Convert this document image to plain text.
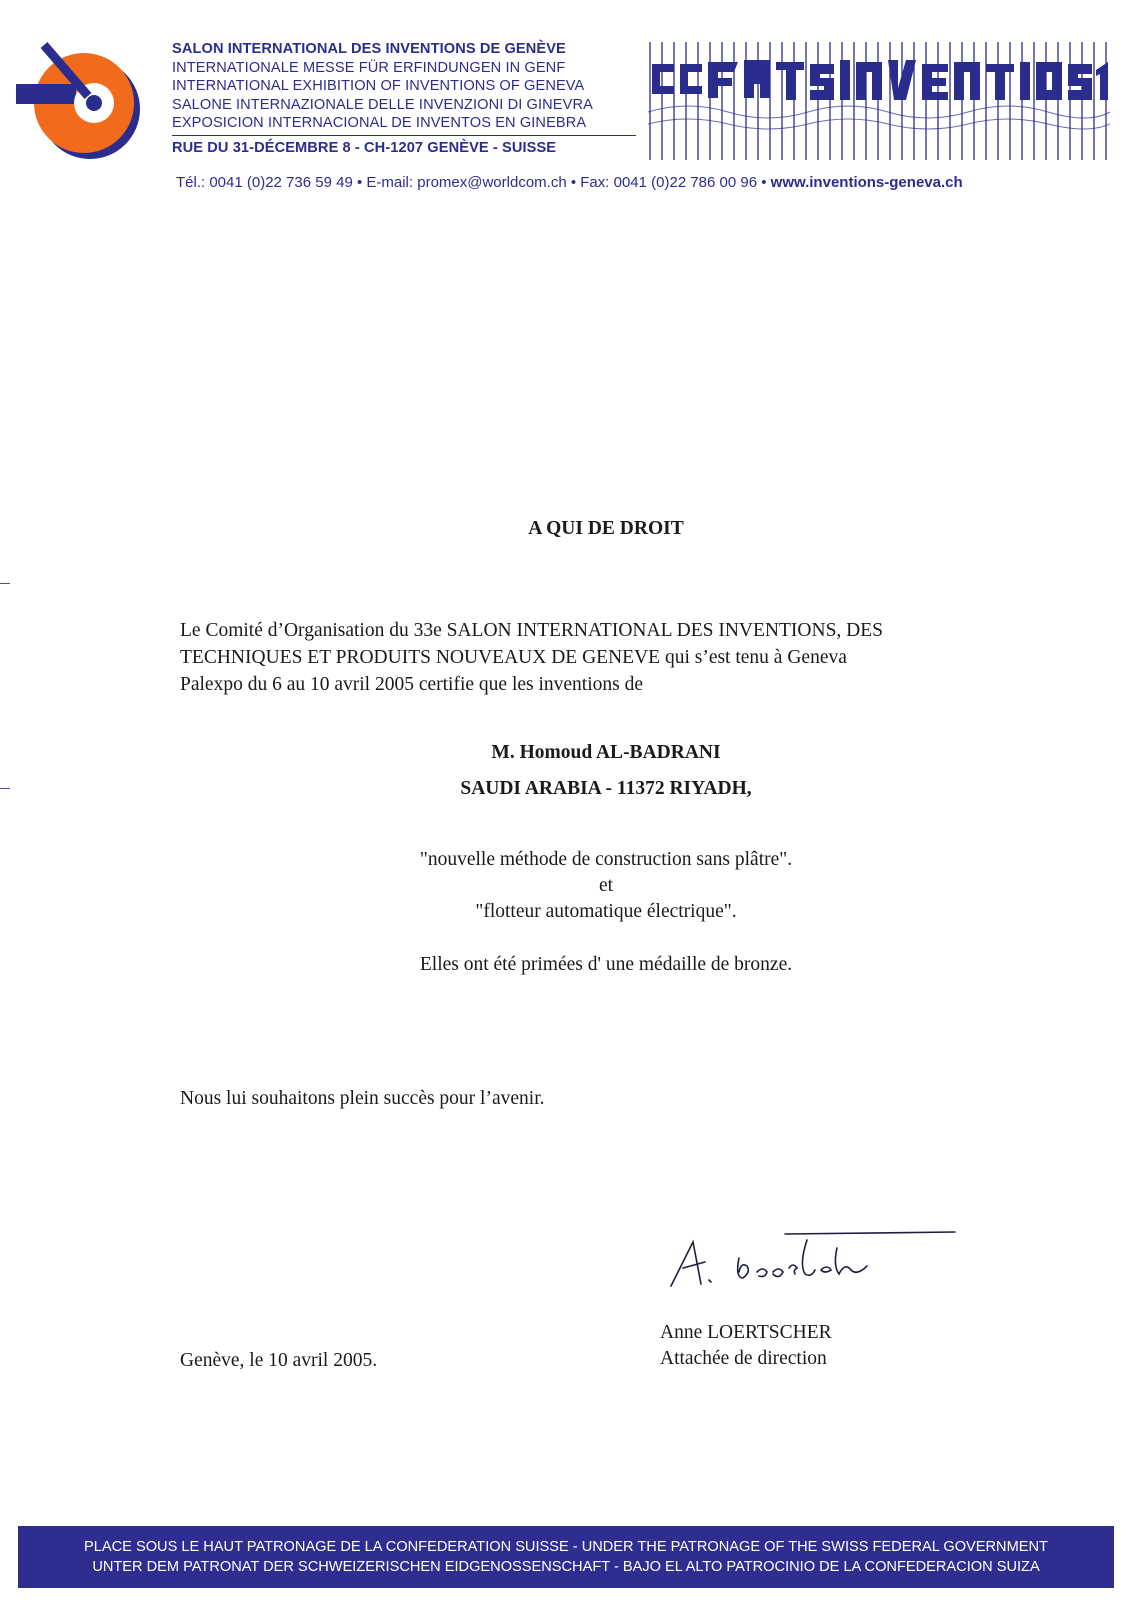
SALON INTERNATIONAL DES INVENTIONS DE GENÈVE
INTERNATIONALE MESSE FÜR ERFINDUNGEN IN GENF
INTERNATIONAL EXHIBITION OF INVENTIONS OF GENEVA
SALONE INTERNAZIONALE DELLE INVENZIONI DI GINEVRA
EXPOSICION INTERNACIONAL DE INVENTOS EN GINEBRA
RUE DU 31-DÉCEMBRE 8 - CH-1207 GENÈVE - SUISSE
Tél.: 0041 (0)22 736 59 49 • E-mail: promex@worldcom.ch • Fax: 0041 (0)22 786 00 96 • www.inventions-geneva.ch
A QUI DE DROIT
Le Comité d’Organisation du 33e SALON INTERNATIONAL DES INVENTIONS, DES
TECHNIQUES ET PRODUITS NOUVEAUX DE GENEVE qui s’est tenu à Geneva
Palexpo du 6 au 10 avril 2005 certifie que les inventions de
M. Homoud AL-BADRANI
SAUDI ARABIA - 11372 RIYADH,
"nouvelle méthode de construction sans plâtre".
et
"flotteur automatique électrique".
Elles ont été primées d' une médaille de bronze.
Nous lui souhaitons plein succès pour l’avenir.
Anne LOERTSCHER
Attachée de direction
Genève, le 10 avril 2005.
PLACE SOUS LE HAUT PATRONAGE DE LA CONFEDERATION SUISSE - UNDER THE PATRONAGE OF THE SWISS FEDERAL GOVERNMENT
UNTER DEM PATRONAT DER SCHWEIZERISCHEN EIDGENOSSENSCHAFT - BAJO EL ALTO PATROCINIO DE LA CONFEDERACION SUIZA
